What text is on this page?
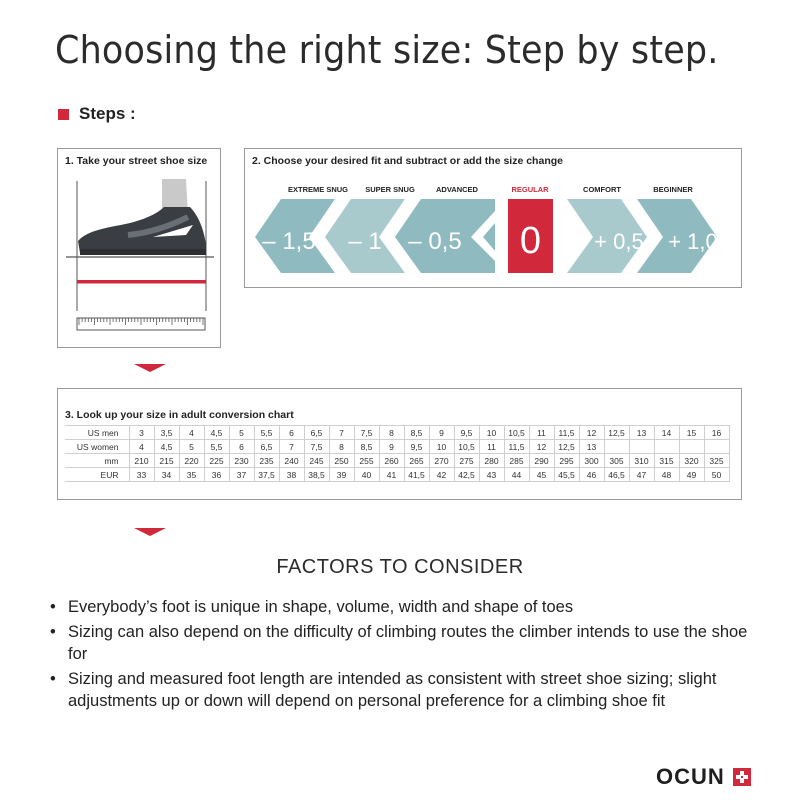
Choosing the right size: Step by step.
Steps :
1. Take your street shoe size	2. Choose your desired fit and subtract or add the size change
EXTREME SNUG	SUPER SNUG	ADVANCED	REGULAR	COMFORT	BEGINNER
– 1,5 – 1 – 0,5 0 + 0,5 + 1,0
3. Look up your size in adult conversion chart
US men	3	3,5	4	4,5	5	5,5	6	6,5	7	7,5	8	8,5	9	9,5	10	10,5	11	11,5	12	12,5	13	14	15	16
US women	4	4,5	5	5,5	6	6,5	7	7,5	8	8,5	9	9,5	10	10,5	11	11,5	12	12,5	13					
mm	210	215	220	225	230	235	240	245	250	255	260	265	270	275	280	285	290	295	300	305	310	315	320	325
EUR	33	34	35	36	37	37,5	38	38,5	39	40	41	41,5	42	42,5	43	44	45	45,5	46	46,5	47	48	49	50
FACTORS TO CONSIDER
• Everybody’s foot is unique in shape, volume, width and shape of toes
• Sizing can also depend on the difficulty of climbing routes the climber intends to use the shoe for
• Sizing and measured foot length are intended as consistent with street shoe sizing; slight adjustments up or down will depend on personal preference for a climbing shoe fit
OCUN
